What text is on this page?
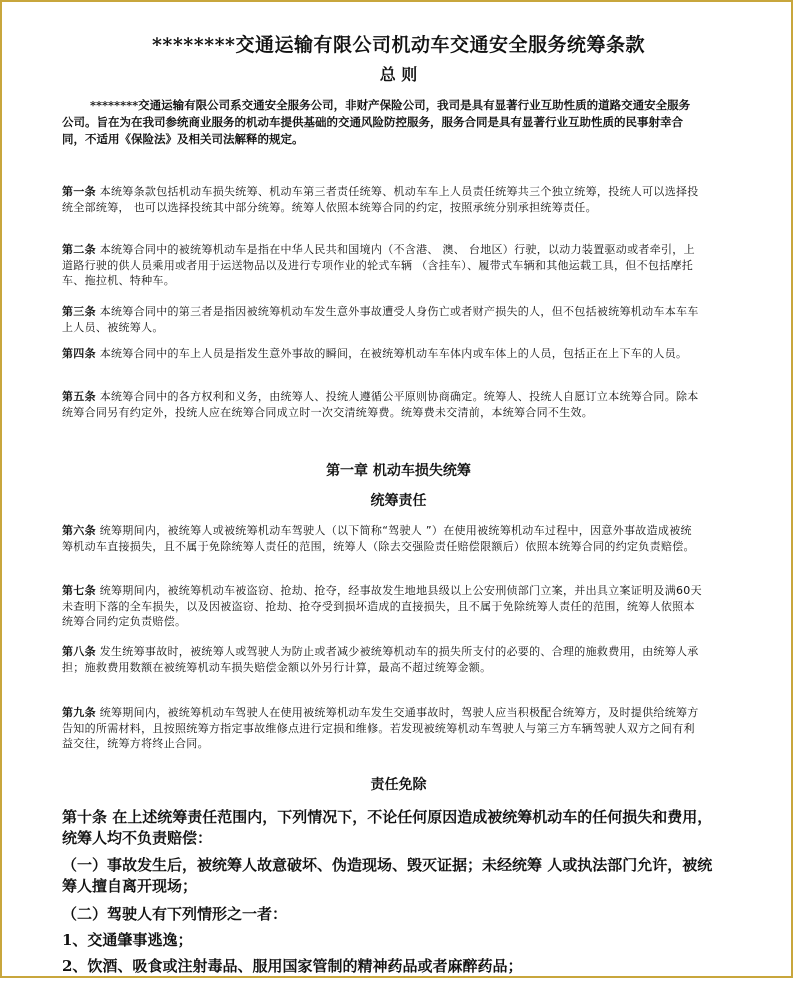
********交通运输有限公司机动车交通安全服务统筹条款
总 则
********交通运输有限公司系交通安全服务公司，非财产保险公司，我司是具有显著行业互助性质的道路交通安全服务公司。旨在为在我司参统商业服务的机动车提供基础的交通风险防控服务，服务合同是具有显著行业互助性质的民事射幸合同，不适用《保险法》及相关司法解释的规定。
第一条 本统筹条款包括机动车损失统筹、机动车第三者责任统筹、机动车车上人员责任统筹共三个独立统筹，投统人可以选择投统全部统筹， 也可以选择投统其中部分统筹。统筹人依照本统筹合同的约定，按照承统分别承担统筹责任。
第二条 本统筹合同中的被统筹机动车是指在中华人民共和国境内（不含港、 澳、 台地区）行驶，以动力装置驱动或者牵引，上道路行驶的供人员乘用或者用于运送物品以及进行专项作业的轮式车辆 （含挂车）、履带式车辆和其他运载工具，但不包括摩托车、拖拉机、特种车。
第三条 本统筹合同中的第三者是指因被统筹机动车发生意外事故遭受人身伤亡或者财产损失的人，但不包括被统筹机动车本车车上人员、被统筹人。
第四条 本统筹合同中的车上人员是指发生意外事故的瞬间，在被统筹机动车车体内或车体上的人员，包括正在上下车的人员。
第五条 本统筹合同中的各方权利和义务，由统筹人、投统人遵循公平原则协商确定。统筹人、投统人自愿订立本统筹合同。除本统筹合同另有约定外，投统人应在统筹合同成立时一次交清统筹费。统筹费未交清前，本统筹合同不生效。
第一章 机动车损失统筹
统筹责任
第六条 统筹期间内，被统筹人或被统筹机动车驾驶人（以下简称“驾驶人 ”）在使用被统筹机动车过程中，因意外事故造成被统筹机动车直接损失，且不属于免除统筹人责任的范围，统筹人（除去交强险责任赔偿限额后）依照本统筹合同的约定负责赔偿。
第七条 统筹期间内，被统筹机动车被盗窃、抢劫、抢夺，经事故发生地地县级以上公安刑侦部门立案，并出具立案证明及满60天未查明下落的全车损失，以及因被盗窃、抢劫、抢夺受到损坏造成的直接损失，且不属于免除统筹人责任的范围，统筹人依照本统筹合同约定负责赔偿。
第八条 发生统筹事故时，被统筹人或驾驶人为防止或者减少被统筹机动车的损失所支付的必要的、合理的施救费用，由统筹人承担；施救费用数额在被统筹机动车损失赔偿金额以外另行计算，最高不超过统筹金额。
第九条 统筹期间内，被统筹机动车驾驶人在使用被统筹机动车发生交通事故时，驾驶人应当积极配合统筹方，及时提供给统筹方告知的所需材料，且按照统筹方指定事故维修点进行定损和维修。若发现被统筹机动车驾驶人与第三方车辆驾驶人双方之间有利益交往，统筹方将终止合同。
责任免除
第十条 在上述统筹责任范围内，下列情况下，不论任何原因造成被统筹机动车的任何损失和费用，统筹人均不负责赔偿：
（一）事故发生后，被统筹人故意破坏、伪造现场、毁灭证据；未经统筹 人或执法部门允许，被统筹人擅自离开现场；
（二）驾驶人有下列情形之一者：
1、交通肇事逃逸；
2、饮酒、吸食或注射毒品、服用国家管制的精神药品或者麻醉药品；
